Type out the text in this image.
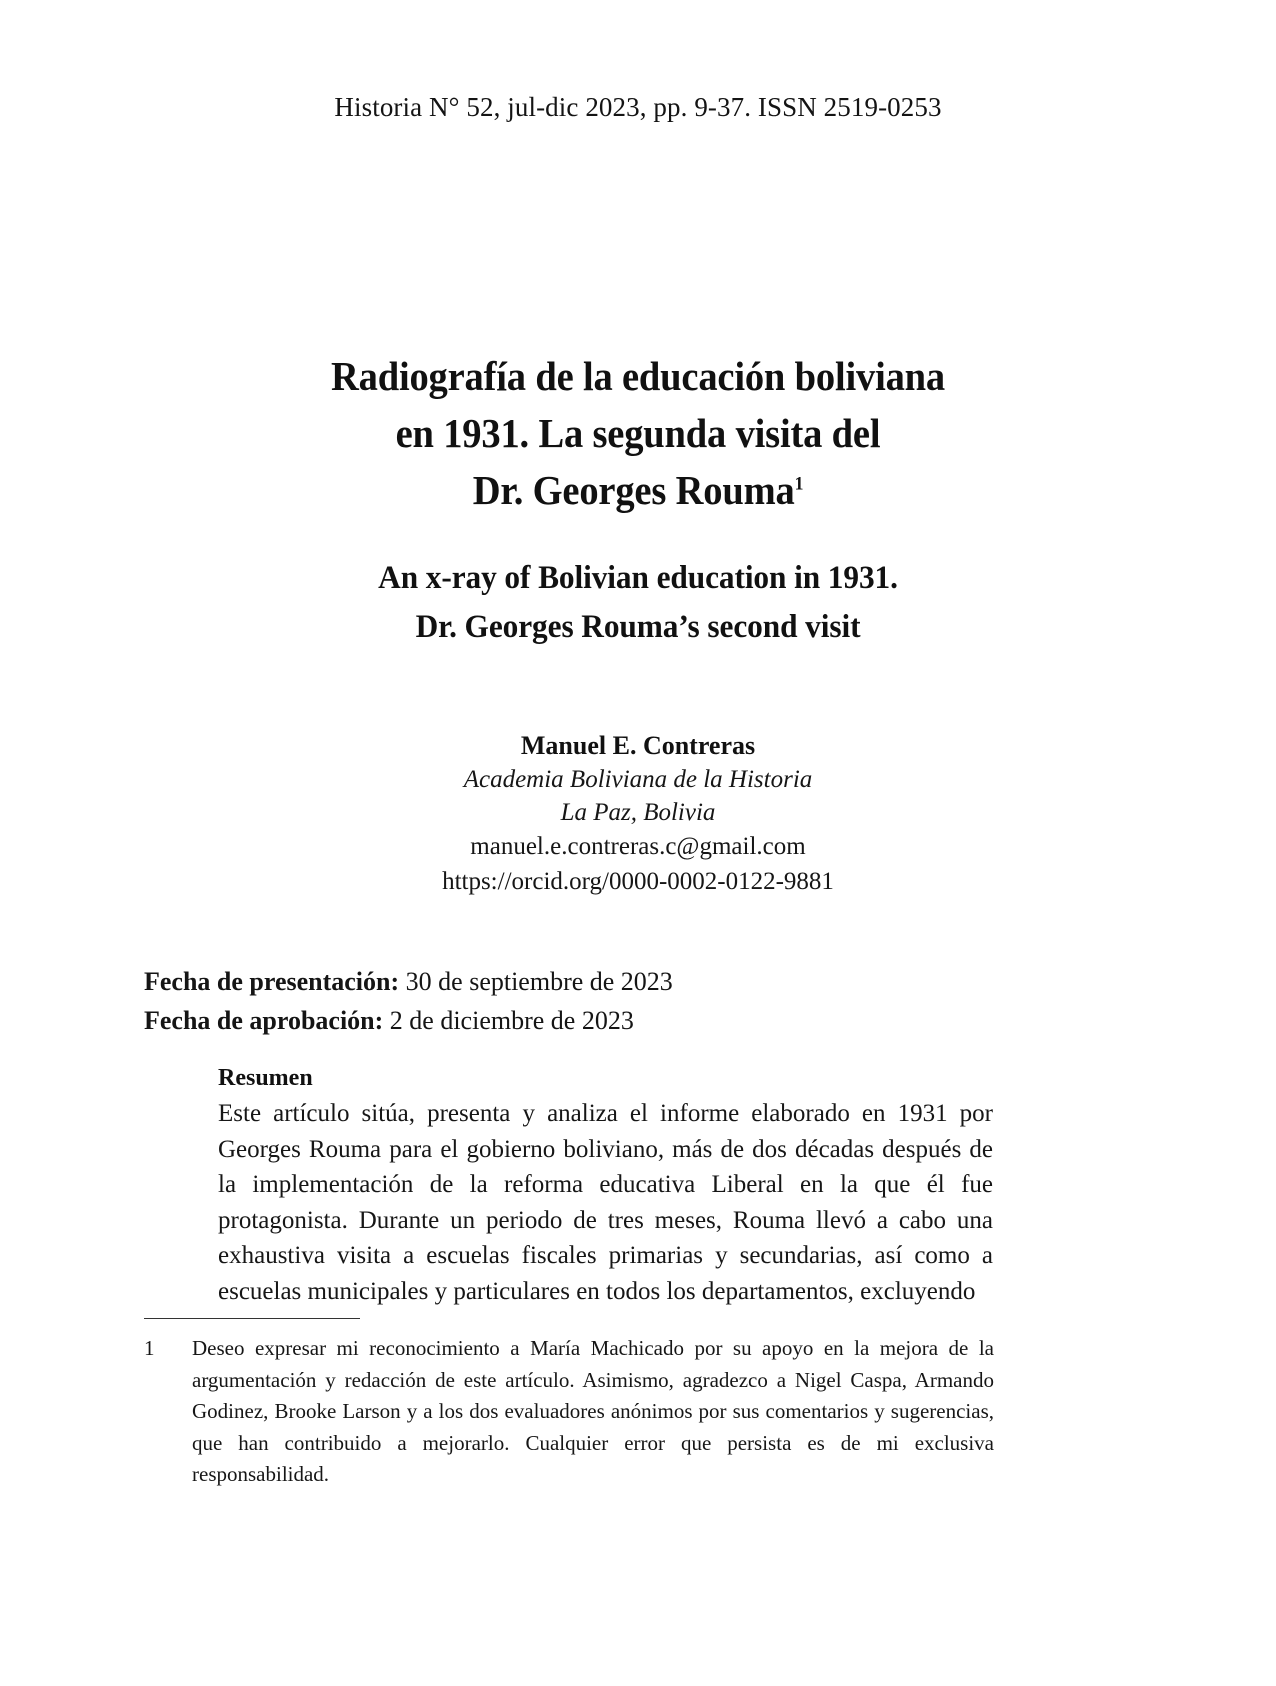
Historia N° 52, jul-dic 2023, pp. 9-37. ISSN 2519-0253
Radiografía de la educación boliviana
en 1931. La segunda visita del
Dr. Georges Rouma$^1$
An x-ray of Bolivian education in 1931.
Dr. Georges Rouma’s second visit
Manuel E. Contreras
Academia Boliviana de la Historia
La Paz, Bolivia
manuel.e.contreras.c@gmail.com
https://orcid.org/0000-0002-0122-9881
Fecha de presentación: 30 de septiembre de 2023
Fecha de aprobación: 2 de diciembre de 2023
Resumen
Este artículo sitúa, presenta y analiza el informe elaborado en 1931 por Georges Rouma para el gobierno boliviano, más de dos décadas después de la implementación de la reforma educativa Liberal en la que él fue protagonista. Durante un periodo de tres meses, Rouma llevó a cabo una exhaustiva visita a escuelas fiscales primarias y secundarias, así como a escuelas municipales y particulares en todos los departamentos, excluyendo
1	Deseo expresar mi reconocimiento a María Machicado por su apoyo en la mejora de la argumentación y redacción de este artículo. Asimismo, agradezco a Nigel Caspa, Armando Godinez, Brooke Larson y a los dos evaluadores anónimos por sus comentarios y sugerencias, que han contribuido a mejorarlo. Cualquier error que persista es de mi exclusiva responsabilidad.
